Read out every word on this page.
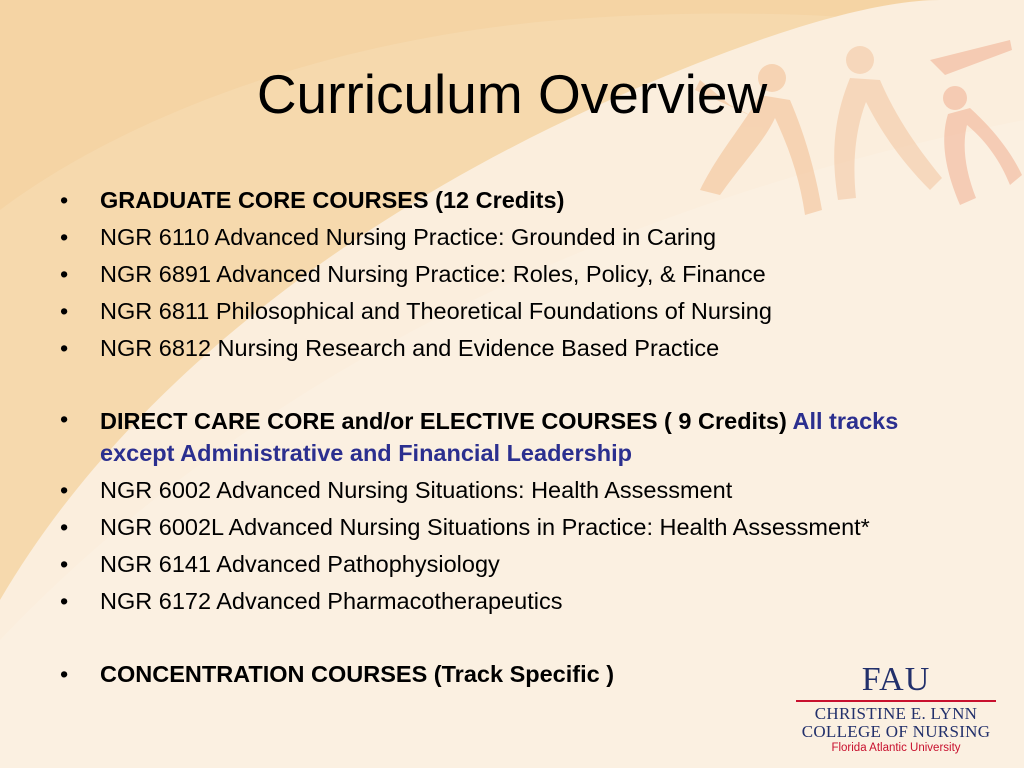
Curriculum Overview
• GRADUATE CORE COURSES (12 Credits)
• NGR 6110 Advanced Nursing Practice: Grounded in Caring
• NGR 6891 Advanced Nursing Practice: Roles, Policy, & Finance
• NGR 6811 Philosophical and Theoretical Foundations of Nursing
• NGR 6812 Nursing Research and Evidence Based Practice
• DIRECT CARE CORE and/or ELECTIVE COURSES ( 9 Credits) All tracks except Administrative and Financial Leadership
• NGR 6002 Advanced Nursing Situations: Health Assessment
• NGR 6002L Advanced Nursing Situations in Practice: Health Assessment*
• NGR 6141 Advanced Pathophysiology
• NGR 6172 Advanced Pharmacotherapeutics
• CONCENTRATION COURSES (Track Specific )	FAU
CHRISTINE E. LYNN
COLLEGE OF NURSING
Florida Atlantic University
